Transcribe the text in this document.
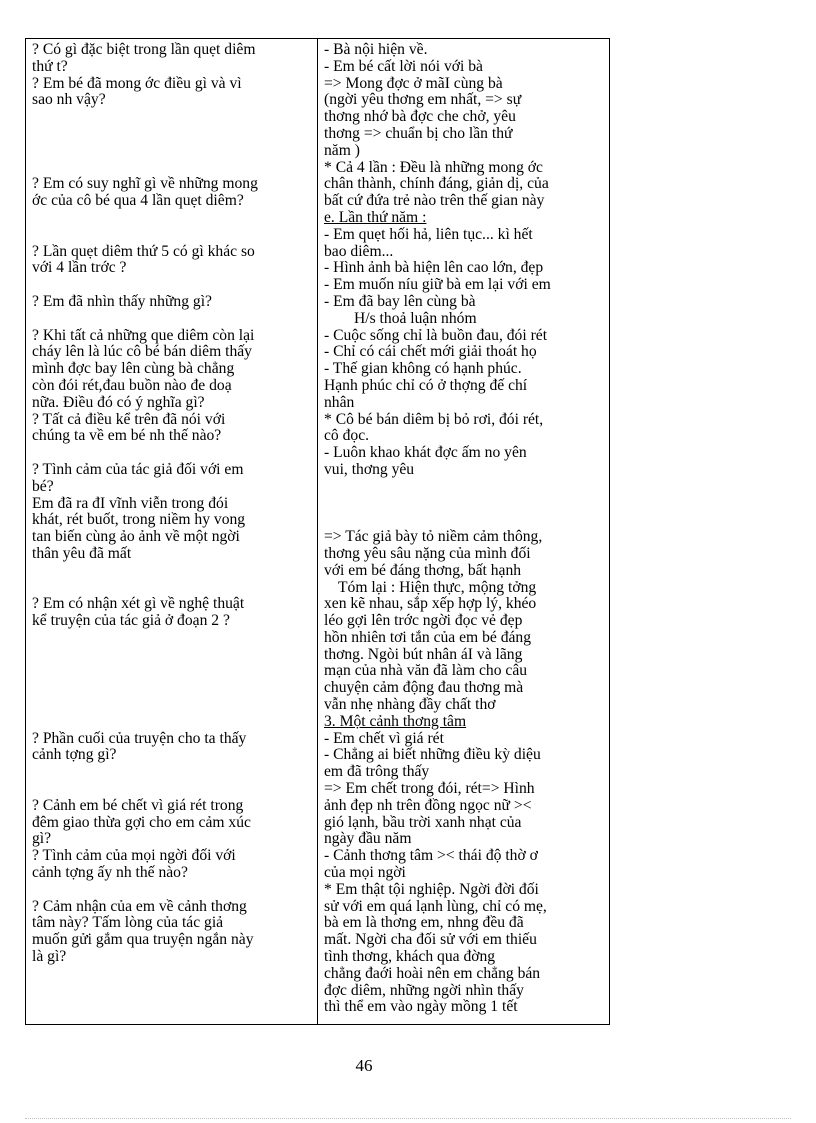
? Có gì đặc biệt trong lần quẹt diêm
thứ t?
? Em bé đã mong ớc điều gì và vì
sao nh vậy?
? Em có suy nghĩ gì về những mong
ớc của cô bé qua 4 lần quẹt diêm?
? Lần quẹt diêm thứ 5 có gì khác so
với 4 lần trớc ?
? Em đã nhìn thấy những gì?
? Khi tất cả những que diêm còn lại
cháy lên là lúc cô bé bán diêm thấy
mình đợc bay lên cùng bà chẳng
còn đói rét,đau buồn nào đe doạ
nữa. Điều đó có ý nghĩa gì?
? Tất cả điều kể trên đã nói với
chúng ta về em bé nh thế nào?
? Tình cảm của tác giả đối với em
bé?
Em đã ra đI vĩnh viễn trong đói
khát, rét buốt, trong niềm hy vong
tan biến cùng ảo ảnh về một ngời
thân yêu đã mất
? Em có nhận xét gì về nghệ thuật
kể truyện của tác giả ở đoạn 2 ?
? Phần cuối của truyện cho ta thấy
cảnh tợng gì?
? Cảnh em bé chết vì giá rét trong
đêm giao thừa gợi cho em cảm xúc
gì?
? Tình cảm của mọi ngời đối với
cảnh tợng ấy nh thế nào?
? Cảm nhận của em về cảnh thơng
tâm này? Tấm lòng của tác giả
muốn gửi gắm qua truyện ngắn này
là gì?
- Bà nội hiện về.
- Em bé cất lời nói với bà
=> Mong đợc ở mãI cùng bà
(ngời yêu thơng em nhất, => sự
thơng nhớ bà đợc che chở, yêu
thơng => chuẩn bị cho lần thứ
năm )
* Cả 4 lần : Đều là những mong ớc
chân thành, chính đáng, giản dị, của
bất cứ đứa trẻ nào trên thế gian này
e. Lần thứ năm :
- Em quẹt hối hả, liên tục... kì hết
bao diêm...
- Hình ảnh bà hiện lên cao lớn, đẹp
- Em muốn níu giữ bà em lại với em
- Em đã bay lên cùng bà
H/s thoả luận nhóm
- Cuộc sống chỉ là buồn đau, đói rét
- Chỉ có cái chết mới giải thoát họ
- Thế gian không có hạnh phúc.
Hạnh phúc chỉ có ở thợng đế chí
nhân
* Cô bé bán diêm bị bỏ rơi, đói rét,
cô đọc.
- Luôn khao khát đợc ấm no yên
vui, thơng yêu
=> Tác giả bày tỏ niềm cảm thông,
thơng yêu sâu nặng của mình đối
với em bé đáng thơng, bất hạnh
Tóm lại : Hiện thực, mộng tởng
xen kẽ nhau, sắp xếp hợp lý, khéo
léo gợi lên trớc ngời đọc vẻ đẹp
hồn nhiên tơi tắn của em bé đáng
thơng. Ngòi bút nhân áI và lãng
mạn của nhà văn đã làm cho câu
chuyện cảm động đau thơng mà
vẫn nhẹ nhàng đầy chất thơ
3. Một cảnh thơng tâm
- Em chết vì giá rét
- Chẳng ai biết những điều kỳ diệu
em đã trông thấy
=> Em chết trong đói, rét=> Hình
ảnh đẹp nh trên đồng ngọc nữ ><
gió lạnh, bầu trời xanh nhạt của
ngày đầu năm
- Cảnh thơng tâm >< thái độ thờ ơ
của mọi ngời
* Em thật tội nghiệp. Ngời đời đối
sử với em quá lạnh lùng, chỉ có mẹ,
bà em là thơng em, nhng đều đã
mất. Ngời cha đối sử với em thiếu
tình thơng, khách qua đờng
chẳng đaới hoài nên em chẳng bán
đợc diêm, những ngời nhìn thấy
thì thể em vào ngày mồng 1 tết
46
